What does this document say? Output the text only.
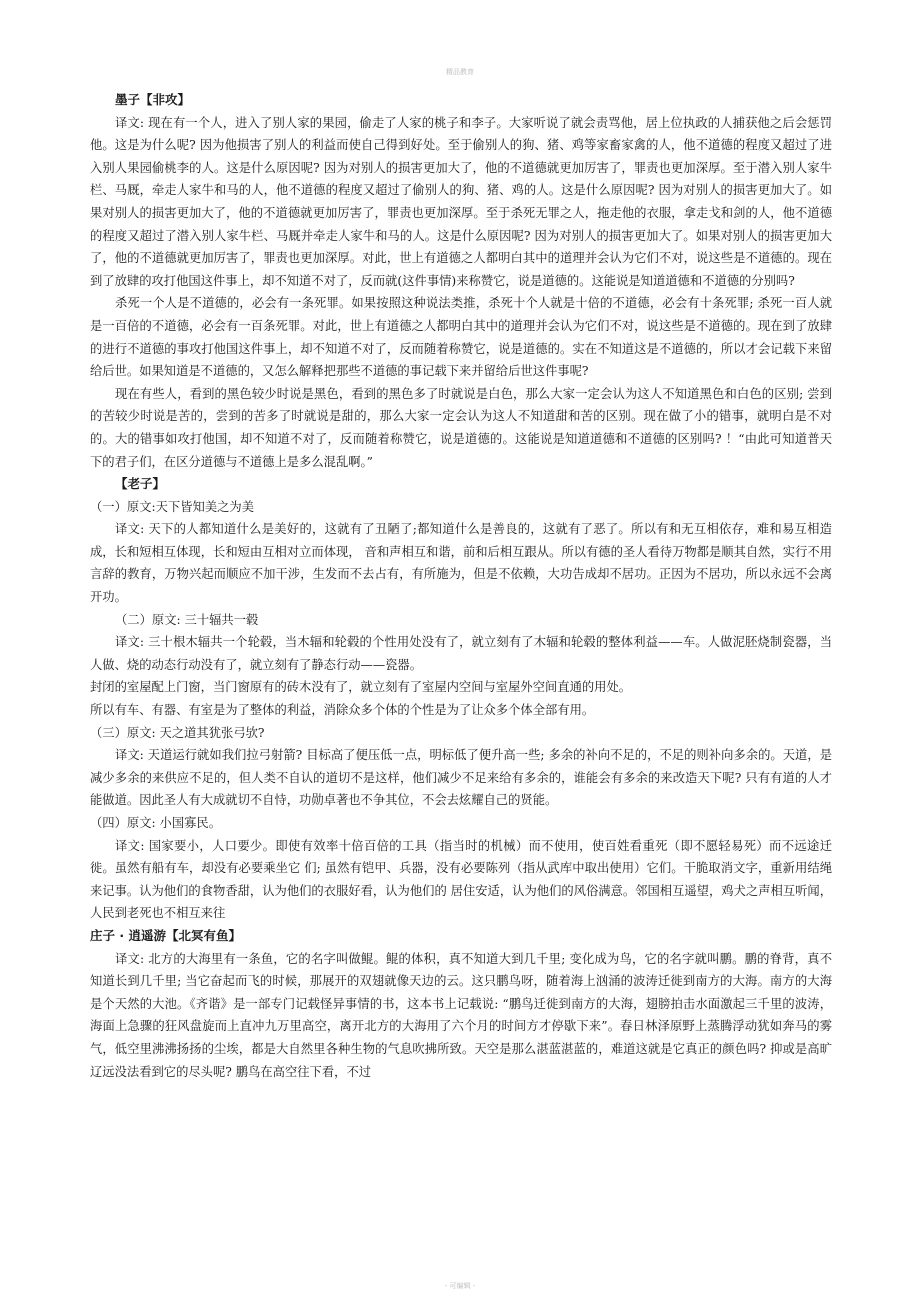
精品教育

墨子【非攻】

译文: 现在有一个人，进入了别人家的果园，偷走了人家的桃子和李子。大家听说了就会责骂他，居上位执政的人捕获他之后会惩罚他。这是为什么呢? 因为他损害了别人的利益而使自己得到好处。至于偷别人的狗、猪、鸡等家畜家禽的人，他不道德的程度又超过了进入别人果园偷桃李的人。这是什么原因呢? 因为对别人的损害更加大了，他的不道德就更加厉害了，罪责也更加深厚。至于潜入别人家牛栏、马厩，牵走人家牛和马的人，他不道德的程度又超过了偷别人的狗、猪、鸡的人。这是什么原因呢? 因为对别人的损害更加大了。如果对别人的损害更加大了，他的不道德就更加厉害了，罪责也更加深厚。至于杀死无罪之人，拖走他的衣服，拿走戈和剑的人，他不道德的程度又超过了潜入别人家牛栏、马厩并牵走人家牛和马的人。这是什么原因呢? 因为对别人的损害更加大了。如果对别人的损害更加大了，他的不道德就更加厉害了，罪责也更加深厚。对此，世上有道德之人都明白其中的道理并会认为它们不对，说这些是不道德的。现在到了放肆的攻打他国这件事上，却不知道不对了，反而就(这件事情)来称赞它，说是道德的。这能说是知道道德和不道德的分别吗?

杀死一个人是不道德的，必会有一条死罪。如果按照这种说法类推，杀死十个人就是十倍的不道德，必会有十条死罪; 杀死一百人就是一百倍的不道德，必会有一百条死罪。对此，世上有道德之人都明白其中的道理并会认为它们不对，说这些是不道德的。现在到了放肆的进行不道德的事攻打他国这件事上，却不知道不对了，反而随着称赞它，说是道德的。实在不知道这是不道德的，所以才会记载下来留给后世。如果知道是不道德的，又怎么解释把那些不道德的事记载下来并留给后世这件事呢?

现在有些人，看到的黑色较少时说是黑色，看到的黑色多了时就说是白色，那么大家一定会认为这人不知道黑色和白色的区别; 尝到的苦较少时说是苦的，尝到的苦多了时就说是甜的，那么大家一定会认为这人不知道甜和苦的区别。现在做了小的错事，就明白是不对的。大的错事如攻打他国，却不知道不对了，反而随着称赞它，说是道德的。这能说是知道道德和不道德的区别吗? ！“由此可知道普天下的君子们，在区分道德与不道德上是多么混乱啊。”

【老子】

（一）原文:天下皆知美之为美

译文: 天下的人都知道什么是美好的，这就有了丑陋了;都知道什么是善良的，这就有了恶了。所以有和无互相依存，难和易互相造成，长和短相互体现，长和短由互相对立而体现， 音和声相互和谐，前和后相互跟从。所以有德的圣人看待万物都是顺其自然，实行不用言辞的教育，万物兴起而顺应不加干涉，生发而不去占有，有所施为，但是不依赖，大功告成却不居功。正因为不居功，所以永远不会离开功。

（二）原文: 三十辐共一毂

译文: 三十根木辐共一个轮毂，当木辐和轮毂的个性用处没有了，就立刻有了木辐和轮毂的整体利益——车。人做泥胚烧制瓷器，当人做、烧的动态行动没有了，就立刻有了静态行动——瓷器。

封闭的室屋配上门窗，当门窗原有的砖木没有了，就立刻有了室屋内空间与室屋外空间直通的用处。

所以有车、有器、有室是为了整体的利益，消除众多个体的个性是为了让众多个体全部有用。

（三）原文: 天之道其犹张弓欤?

译文: 天道运行就如我们拉弓射箭? 目标高了便压低一点，明标低了便升高一些; 多余的补向不足的，不足的则补向多余的。天道，是减少多余的来供应不足的，但人类不自认的道切不是这样，他们减少不足来给有多余的，谁能会有多余的来改造天下呢? 只有有道的人才能做道。因此圣人有大成就切不自恃，功勋卓著也不争其位，不会去炫耀自己的贤能。

（四）原文: 小国寡民。

译文: 国家要小，人口要少。即使有效率十倍百倍的工具（指当时的机械）而不使用，使百姓看重死（即不愿轻易死）而不远途迁徙。虽然有船有车，却没有必要乘坐它 们; 虽然有铠甲、兵器，没有必要陈列（指从武库中取出使用）它们。干脆取消文字，重新用结绳来记事。认为他们的食物香甜，认为他们的衣服好看，认为他们的 居住安适，认为他们的风俗满意。邻国相互遥望，鸡犬之声相互听闻，人民到老死也不相互来往

庄子 · 逍遥游【北冥有鱼】

译文: 北方的大海里有一条鱼，它的名字叫做鲲。鲲的体积，真不知道大到几千里; 变化成为鸟，它的名字就叫鹏。鹏的脊背，真不知道长到几千里; 当它奋起而飞的时候，那展开的双翅就像天边的云。这只鹏鸟呀，随着海上汹涌的波涛迁徙到南方的大海。南方的大海是个天然的大池。《齐谐》是一部专门记载怪异事情的书，这本书上记载说: “鹏鸟迁徙到南方的大海，翅膀拍击水面激起三千里的波涛，海面上急骤的狂风盘旋而上直冲九万里高空，离开北方的大海用了六个月的时间方才停歇下来”。春日林泽原野上蒸腾浮动犹如奔马的雾气，低空里沸沸扬扬的尘埃，都是大自然里各种生物的气息吹拂所致。天空是那么湛蓝湛蓝的，难道这就是它真正的颜色吗? 抑或是高旷辽远没法看到它的尽头呢? 鹏鸟在高空往下看，不过

- 可编辑 -
